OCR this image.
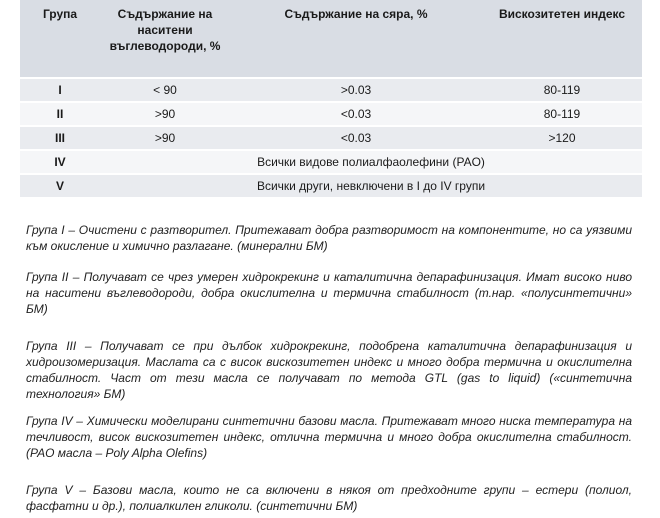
Група	Съдържание на наситени въглеводороди, %	Съдържание на сяра, %	Вискозитетен индекс
I	< 90	>0.03	80-119
II	>90	<0.03	80-119
III	>90	<0.03	>120
IV	Всички видове полиалфаолефини (PAO)		
V	Всички други, невключени в I до IV групи		

Група I – Очистени с разтворител. Притежават добра разтворимост на компонентите, но са уязвими към окисление и химично разлагане. (минерални БМ)

Група II – Получават се чрез умерен хидрокрекинг и каталитична депарафинизация. Имат високо ниво на наситени въглеводороди, добра окислителна и термична стабилност (т.нар. «полусинтетични» БМ)

Група III – Получават се при дълбок хидрокрекинг, подобрена каталитична депарафинизация и хидроизомеризация. Маслата са с висок вискозитетен индекс и много добра термична и окислителна стабилност. Част от тези масла се получават по метода GTL (gas to liquid) («синтетична технология» БМ)

Група IV – Химически моделирани синтетични базови масла. Притежават много ниска температура на течливост, висок вискозитетен индекс, отлична термична и много добра окислителна стабилност. (PAO масла – Poly Alpha Olefins)

Група V – Базови масла, които не са включени в някоя от предходните групи – естери (полиол, фасфатни и др.), полиалкилен гликоли. (синтетични БМ)
